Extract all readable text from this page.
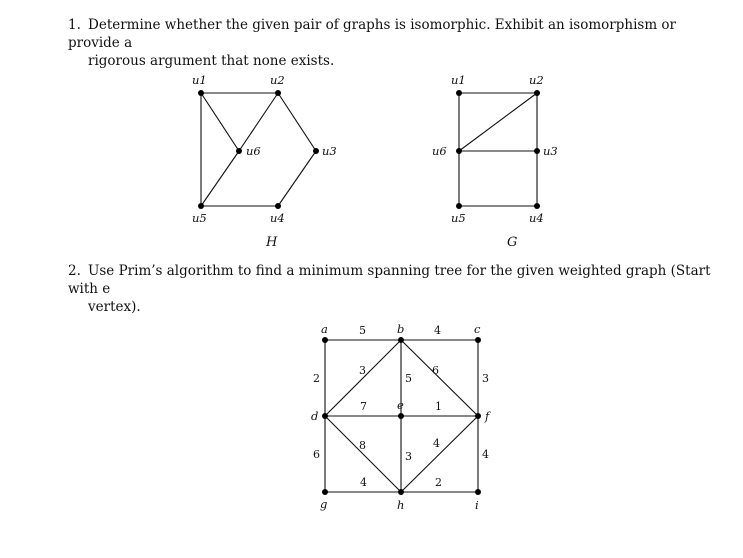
1. Determine whether the given pair of graphs is isomorphic. Exhibit an isomorphism or provide a
rigorous argument that none exists.
2. Use Prim’s algorithm to find a minimum spanning tree for the given weighted graph (Start with e
vertex).
u1	u2
u3
u4
u5
u6
H
u1	u2
u3
u4
u5
u6
G
a	b	c
d
e
f
g	h	i
5	4
2
3
5
6
3
7	1
6
8
3
4
4
4	2
